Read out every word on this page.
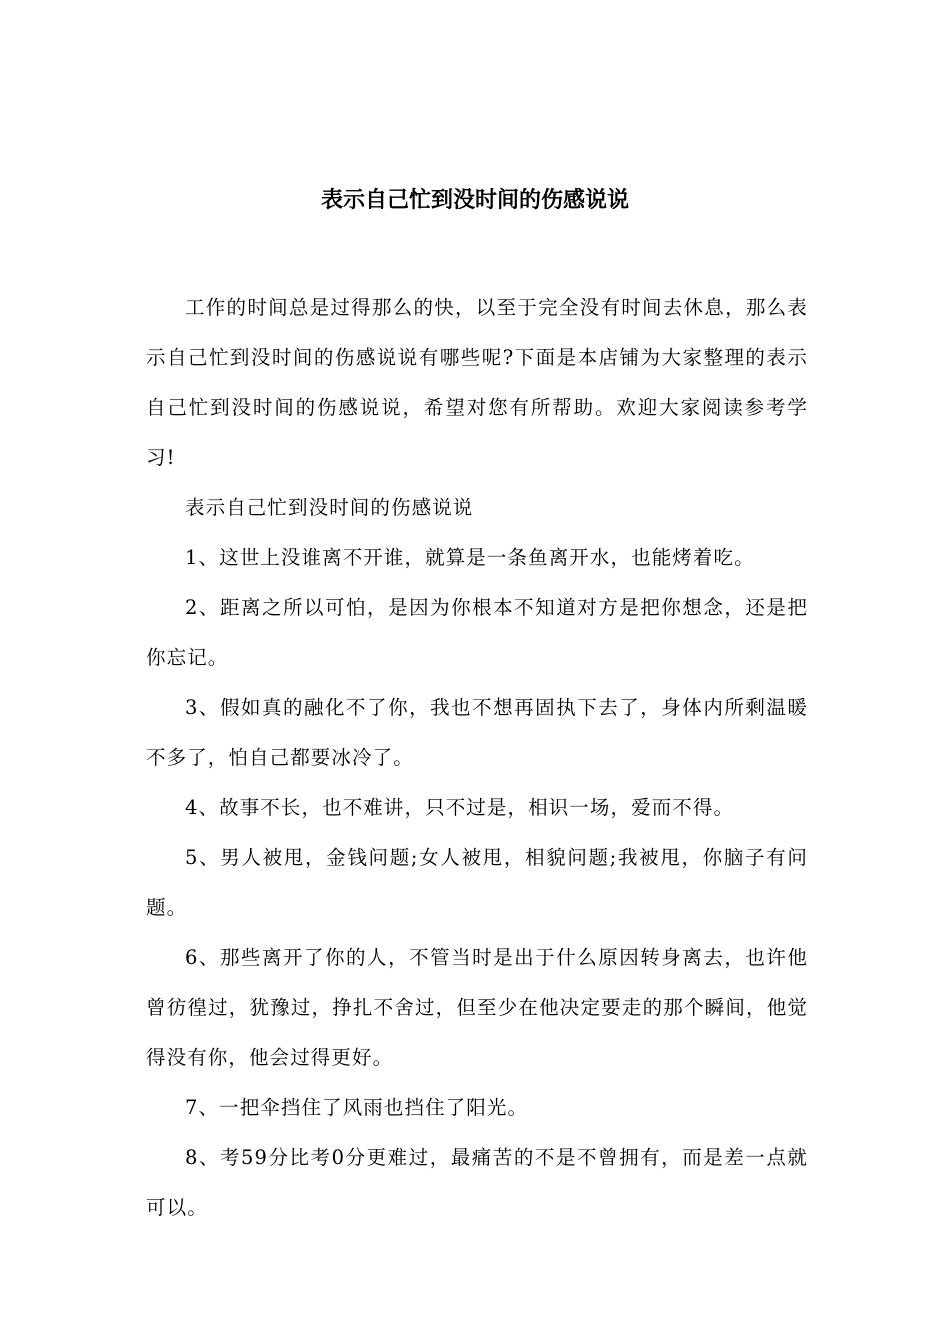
表示自己忙到没时间的伤感说说

工作的时间总是过得那么的快，以至于完全没有时间去休息，那么表示自己忙到没时间的伤感说说有哪些呢?下面是本店铺为大家整理的表示自己忙到没时间的伤感说说，希望对您有所帮助。欢迎大家阅读参考学习!

表示自己忙到没时间的伤感说说

1、这世上没谁离不开谁，就算是一条鱼离开水，也能烤着吃。

2、距离之所以可怕，是因为你根本不知道对方是把你想念，还是把你忘记。

3、假如真的融化不了你，我也不想再固执下去了，身体内所剩温暖不多了，怕自己都要冰冷了。

4、故事不长，也不难讲，只不过是，相识一场，爱而不得。

5、男人被甩，金钱问题;女人被甩，相貌问题;我被甩，你脑子有问题。

6、那些离开了你的人，不管当时是出于什么原因转身离去，也许他曾彷徨过，犹豫过，挣扎不舍过，但至少在他决定要走的那个瞬间，他觉得没有你，他会过得更好。

7、一把伞挡住了风雨也挡住了阳光。

8、考59分比考0分更难过，最痛苦的不是不曾拥有，而是差一点就可以。
